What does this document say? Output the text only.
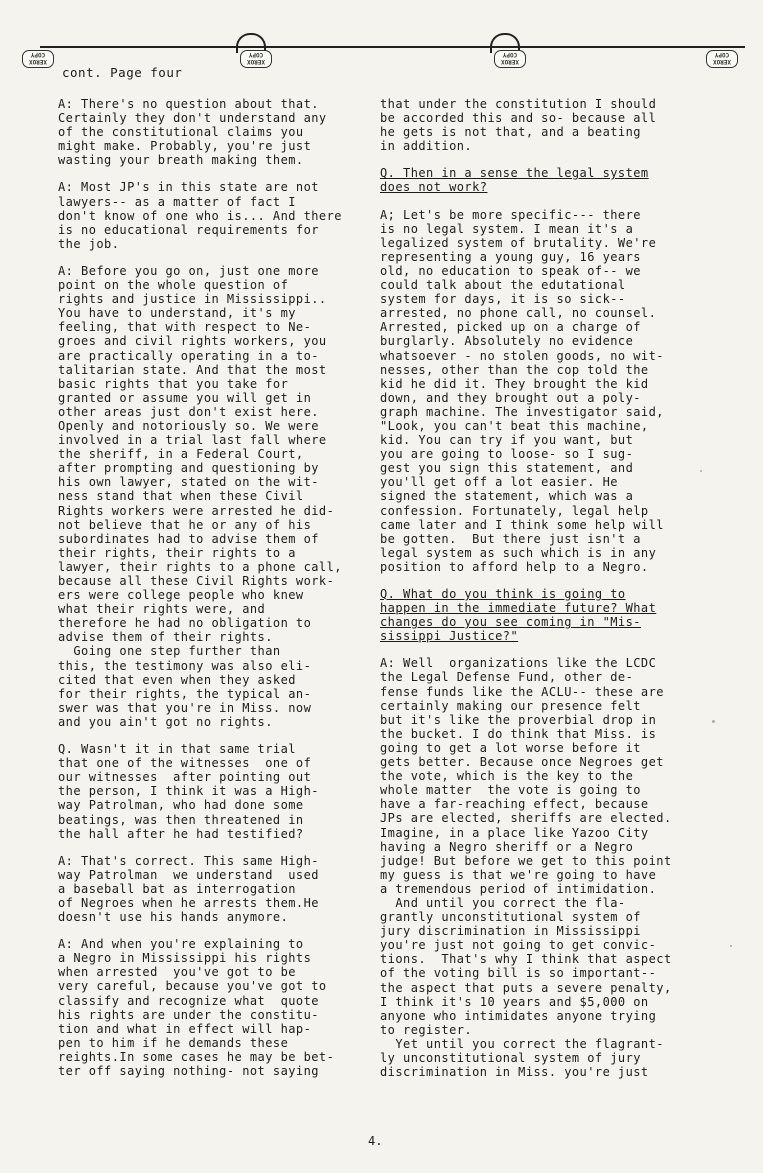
XEROX COPY
XEROX COPY
XEROX COPY
XEROX COPY
cont. Page four
A: There's no question about that.
Certainly they don't understand any
of the constitutional claims you
might make. Probably, you're just
wasting your breath making them.
A: Most JP's in this state are not
lawyers-- as a matter of fact I
don't know of one who is... And there
is no educational requirements for
the job.
A: Before you go on, just one more
point on the whole question of
rights and justice in Mississippi..
You have to understand, it's my
feeling, that with respect to Ne-
groes and civil rights workers, you
are practically operating in a to-
talitarian state. And that the most
basic rights that you take for
granted or assume you will get in
other areas just don't exist here.
Openly and notoriously so. We were
involved in a trial last fall where
the sheriff, in a Federal Court,
after prompting and questioning by
his own lawyer, stated on the wit-
ness stand that when these Civil
Rights workers were arrested he did-
not believe that he or any of his
subordinates had to advise them of
their rights, their rights to a
lawyer, their rights to a phone call,
because all these Civil Rights work-
ers were college people who knew
what their rights were, and
therefore he had no obligation to
advise them of their rights.
Going one step further than
this, the testimony was also eli-
cited that even when they asked
for their rights, the typical an-
swer was that you're in Miss. now
and you ain't got no rights.
Q. Wasn't it in that same trial
that one of the witnesses  one of
our witnesses  after pointing out
the person, I think it was a High-
way Patrolman, who had done some
beatings, was then threatened in
the hall after he had testified?
A: That's correct. This same High-
way Patrolman  we understand  used
a baseball bat as interrogation
of Negroes when he arrests them.He
doesn't use his hands anymore.
A: And when you're explaining to
a Negro in Mississippi his rights
when arrested  you've got to be
very careful, because you've got to
classify and recognize what  quote
his rights are under the constitu-
tion and what in effect will hap-
pen to him if he demands these
reights.In some cases he may be bet-
ter off saying nothing- not saying
that under the constitution I should
be accorded this and so- because all
he gets is not that, and a beating
in addition.
Q. Then in a sense the legal system
does not work?
A; Let's be more specific--- there
is no legal system. I mean it's a
legalized system of brutality. We're
representing a young guy, 16 years
old, no education to speak of-- we
could talk about the edutational
system for days, it is so sick--
arrested, no phone call, no counsel.
Arrested, picked up on a charge of
burglarly. Absolutely no evidence
whatsoever - no stolen goods, no wit-
nesses, other than the cop told the
kid he did it. They brought the kid
down, and they brought out a poly-
graph machine. The investigator said,
"Look, you can't beat this machine,
kid. You can try if you want, but
you are going to loose- so I sug-
gest you sign this statement, and
you'll get off a lot easier. He
signed the statement, which was a
confession. Fortunately, legal help
came later and I think some help will
be gotten.  But there just isn't a
legal system as such which is in any
position to afford help to a Negro.
Q. What do you think is going to
happen in the immediate future? What
changes do you see coming in "Mis-
sissippi Justice?"
A: Well  organizations like the LCDC
the Legal Defense Fund, other de-
fense funds like the ACLU-- these are
certainly making our presence felt
but it's like the proverbial drop in
the bucket. I do think that Miss. is
going to get a lot worse before it
gets better. Because once Negroes get
the vote, which is the key to the
whole matter  the vote is going to
have a far-reaching effect, because
JPs are elected, sheriffs are elected.
Imagine, in a place like Yazoo City
having a Negro sheriff or a Negro
judge! But before we get to this point
my guess is that we're going to have
a tremendous period of intimidation.
And until you correct the fla-
grantly unconstitutional system of
jury discrimination in Mississippi
you're just not going to get convic-
tions.  That's why I think that aspect
of the voting bill is so important--
the aspect that puts a severe penalty,
I think it's 10 years and $5,000 on
anyone who intimidates anyone trying
to register.
Yet until you correct the flagrant-
ly unconstitutional system of jury
discrimination in Miss. you're just
4.
